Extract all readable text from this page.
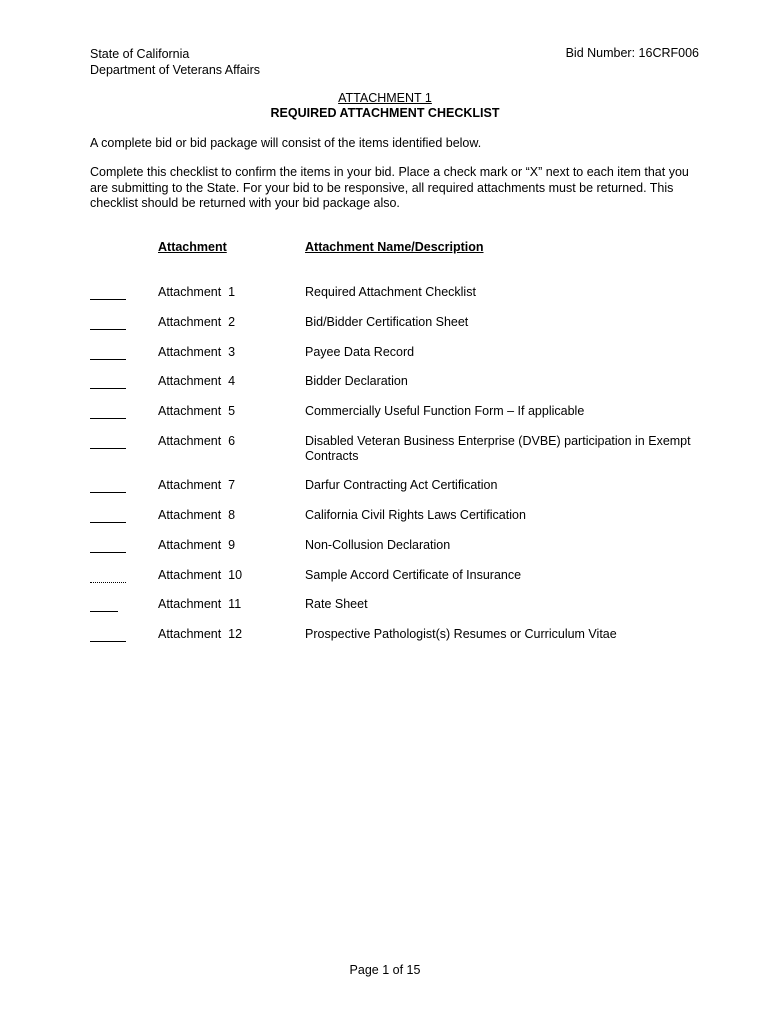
State of California
Department of Veterans Affairs
Bid Number: 16CRF006
ATTACHMENT 1
REQUIRED ATTACHMENT CHECKLIST
A complete bid or bid package will consist of the items identified below.
Complete this checklist to confirm the items in your bid. Place a check mark or “X” next to each item that you are submitting to the State. For your bid to be responsive, all required attachments must be returned. This checklist should be returned with your bid package also.
Attachment	Attachment Name/Description
Attachment  1	Required Attachment Checklist
Attachment  2	Bid/Bidder Certification Sheet
Attachment  3	Payee Data Record
Attachment  4	Bidder Declaration
Attachment  5	Commercially Useful Function Form – If applicable
Attachment  6	Disabled Veteran Business Enterprise (DVBE) participation in Exempt Contracts
Attachment  7	Darfur Contracting Act Certification
Attachment  8	California Civil Rights Laws Certification
Attachment  9	Non-Collusion Declaration
Attachment  10	Sample Accord Certificate of Insurance
Attachment  11	Rate Sheet
Attachment  12	Prospective Pathologist(s) Resumes or Curriculum Vitae
Page 1 of 15
